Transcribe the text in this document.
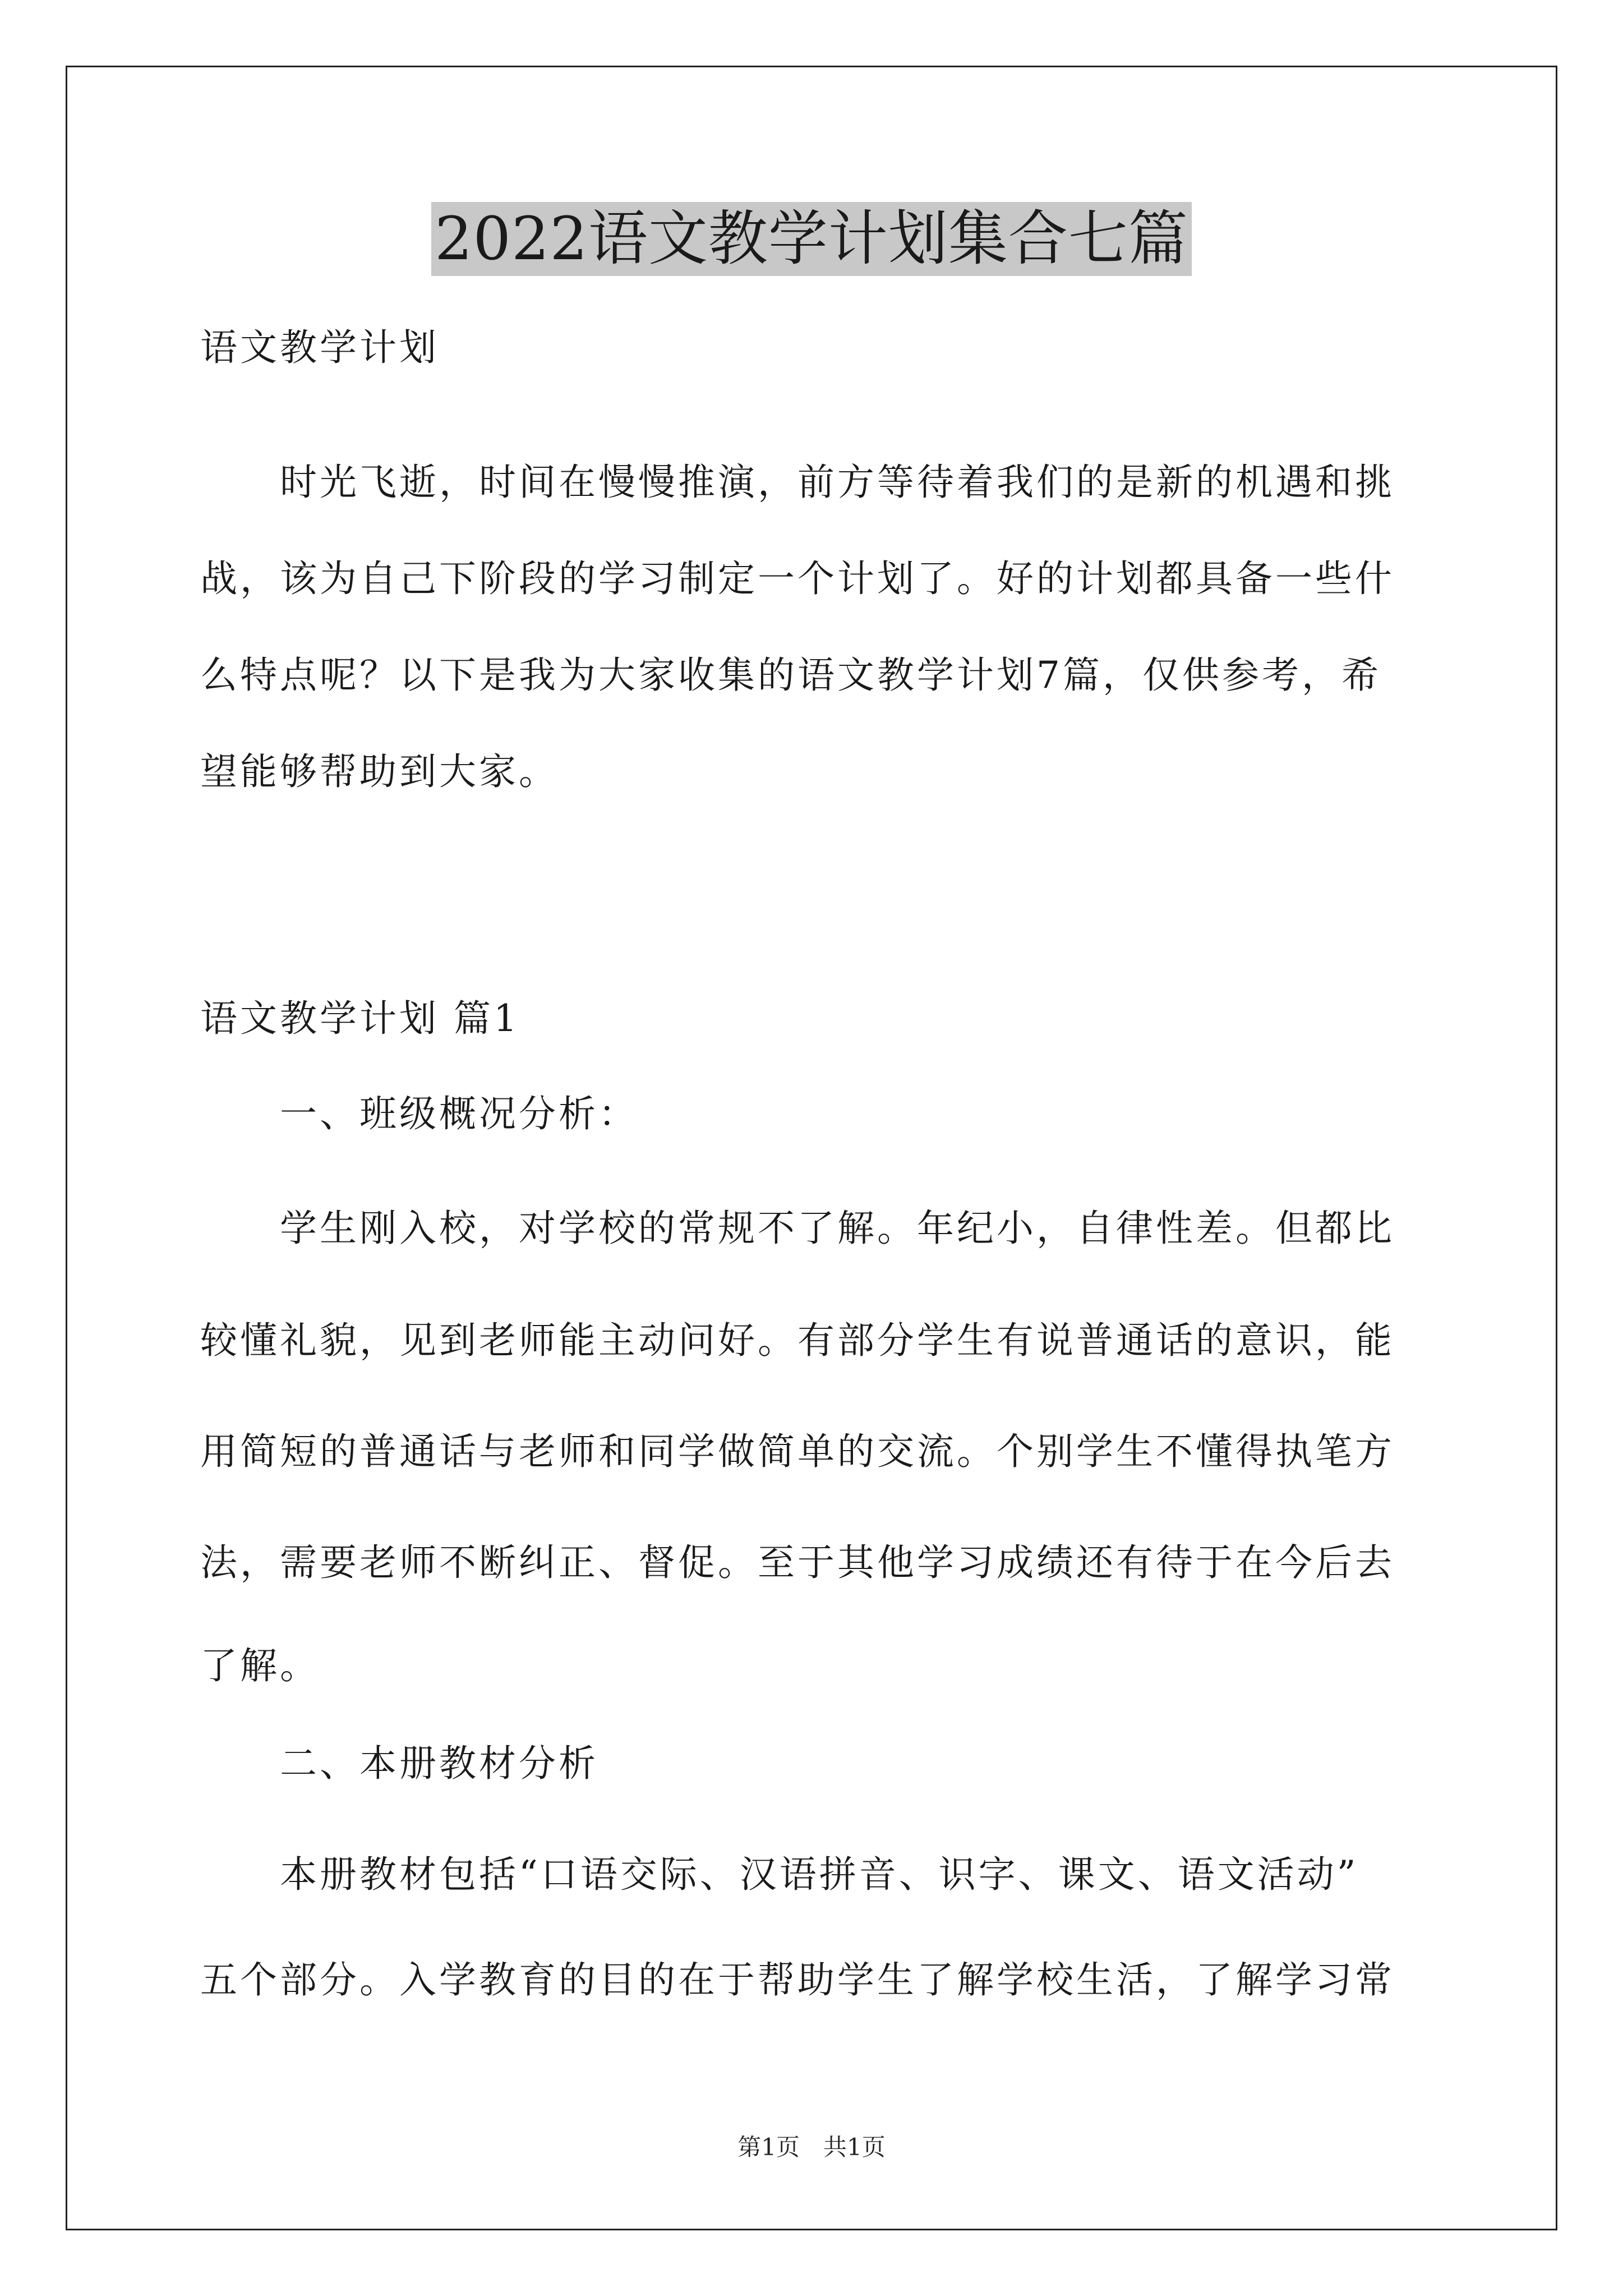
2022语文教学计划集合七篇
语文教学计划
　　时光飞逝，时间在慢慢推演，前方等待着我们的是新的机遇和挑
战，该为自己下阶段的学习制定一个计划了。好的计划都具备一些什
么特点呢？以下是我为大家收集的语文教学计划7篇，仅供参考，希
望能够帮助到大家。
语文教学计划 篇1
　　一、班级概况分析：
　　学生刚入校，对学校的常规不了解。年纪小，自律性差。但都比
较懂礼貌，见到老师能主动问好。有部分学生有说普通话的意识，能
用简短的普通话与老师和同学做简单的交流。个别学生不懂得执笔方
法，需要老师不断纠正、督促。至于其他学习成绩还有待于在今后去
了解。
　　二、本册教材分析
　　本册教材包括“口语交际、汉语拼音、识字、课文、语文活动”
五个部分。入学教育的目的在于帮助学生了解学校生活，了解学习常
第1页　共1页
